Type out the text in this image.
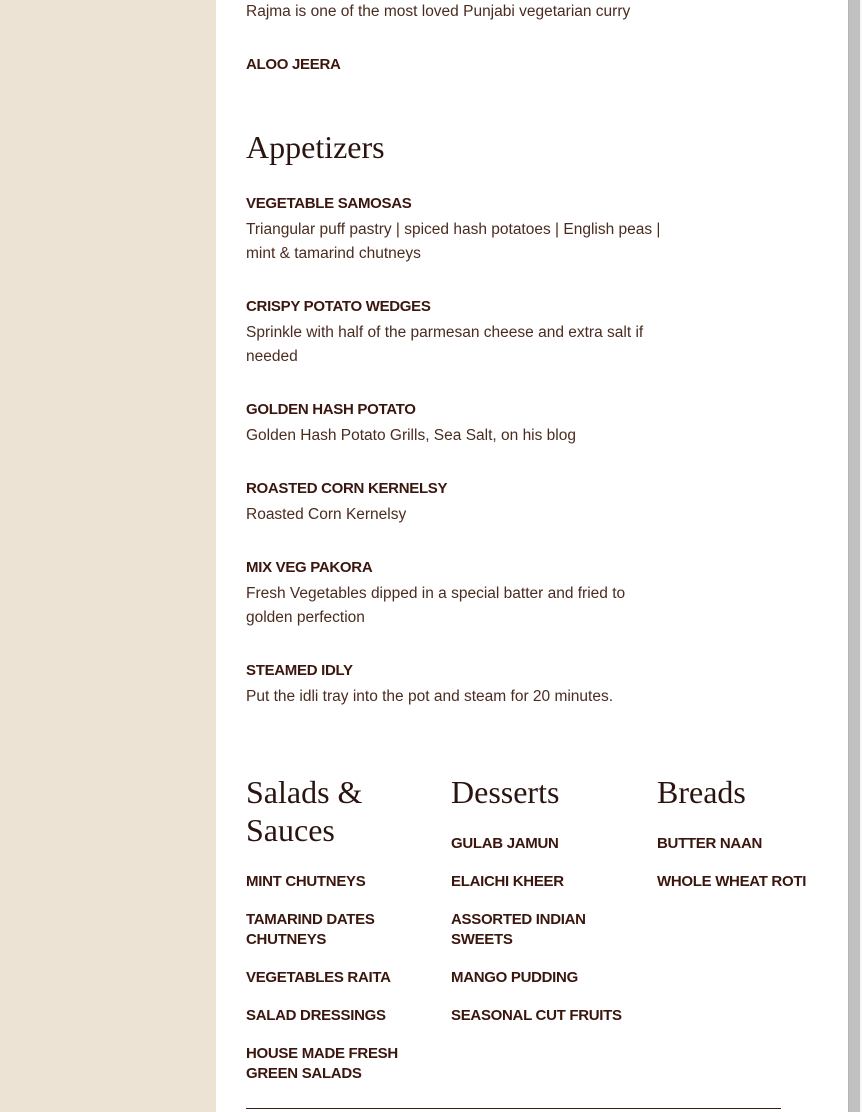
Rajma is one of the most loved Punjabi vegetarian curry
ALOO JEERA
Appetizers
VEGETABLE SAMOSAS
Triangular puff pastry | spiced hash potatoes | English peas | mint & tamarind chutneys
CRISPY POTATO WEDGES
Sprinkle with half of the parmesan cheese and extra salt if needed
GOLDEN HASH POTATO
Golden Hash Potato Grills, Sea Salt, on his blog
ROASTED CORN KERNELSY
Roasted Corn Kernelsy
MIX VEG PAKORA
Fresh Vegetables dipped in a special batter and fried to golden perfection
STEAMED IDLY
Put the idli tray into the pot and steam for 20 minutes.
Salads &
Sauces
MINT CHUTNEYS
TAMARIND DATES CHUTNEYS
VEGETABLES RAITA
SALAD DRESSINGS
HOUSE MADE FRESH GREEN SALADS
Desserts
GULAB JAMUN
ELAICHI KHEER
ASSORTED INDIAN SWEETS
MANGO PUDDING
SEASONAL CUT FRUITS
Breads
BUTTER NAAN
WHOLE WHEAT ROTI
